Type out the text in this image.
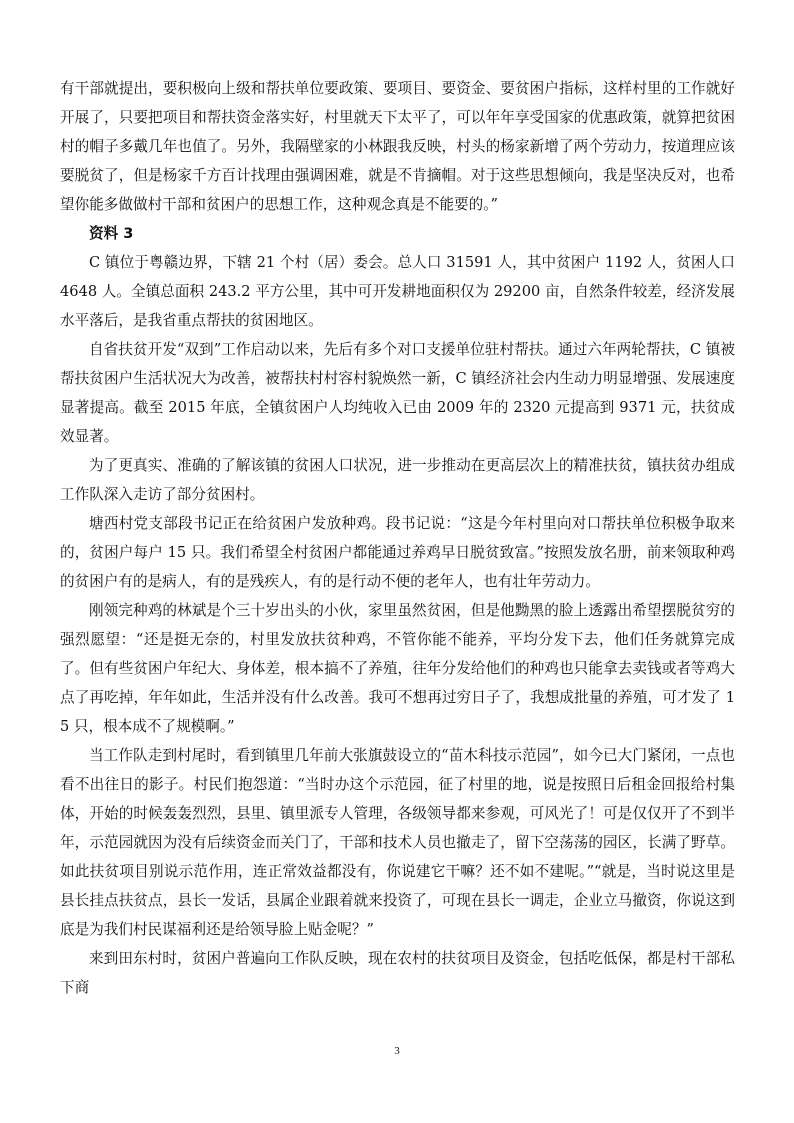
有干部就提出，要积极向上级和帮扶单位要政策、要项目、要资金、要贫困户指标，这样村里的工作就好开展了，只要把项目和帮扶资金落实好，村里就天下太平了，可以年年享受国家的优惠政策，就算把贫困村的帽子多戴几年也值了。另外，我隔壁家的小林跟我反映，村头的杨家新增了两个劳动力，按道理应该要脱贫了，但是杨家千方百计找理由强调困难，就是不肯摘帽。对于这些思想倾向，我是坚决反对，也希望你能多做做村干部和贫困户的思想工作，这种观念真是不能要的。”

资料 3

C 镇位于粤赣边界，下辖 21 个村（居）委会。总人口 31591 人，其中贫困户 1192 人，贫困人口 4648 人。全镇总面积 243.2 平方公里，其中可开发耕地面积仅为 29200 亩，自然条件较差，经济发展水平落后，是我省重点帮扶的贫困地区。

自省扶贫开发“双到”工作启动以来，先后有多个对口支援单位驻村帮扶。通过六年两轮帮扶，C 镇被帮扶贫困户生活状况大为改善，被帮扶村村容村貌焕然一新，C 镇经济社会内生动力明显增强、发展速度显著提高。截至 2015 年底，全镇贫困户人均纯收入已由 2009 年的 2320 元提高到 9371 元，扶贫成效显著。

为了更真实、准确的了解该镇的贫困人口状况，进一步推动在更高层次上的精准扶贫，镇扶贫办组成工作队深入走访了部分贫困村。

塘西村党支部段书记正在给贫困户发放种鸡。段书记说：“这是今年村里向对口帮扶单位积极争取来的，贫困户每户 15 只。我们希望全村贫困户都能通过养鸡早日脱贫致富。”按照发放名册，前来领取种鸡的贫困户有的是病人，有的是残疾人，有的是行动不便的老年人，也有壮年劳动力。

刚领完种鸡的林斌是个三十岁出头的小伙，家里虽然贫困，但是他黝黑的脸上透露出希望摆脱贫穷的强烈愿望：“还是挺无奈的，村里发放扶贫种鸡，不管你能不能养，平均分发下去，他们任务就算完成了。但有些贫困户年纪大、身体差，根本搞不了养殖，往年分发给他们的种鸡也只能拿去卖钱或者等鸡大点了再吃掉，年年如此，生活并没有什么改善。我可不想再过穷日子了，我想成批量的养殖，可才发了 15 只，根本成不了规模啊。”

当工作队走到村尾时，看到镇里几年前大张旗鼓设立的“苗木科技示范园”，如今已大门紧闭，一点也看不出往日的影子。村民们抱怨道：“当时办这个示范园，征了村里的地，说是按照日后租金回报给村集体，开始的时候轰轰烈烈，县里、镇里派专人管理，各级领导都来参观，可风光了！可是仅仅开了不到半年，示范园就因为没有后续资金而关门了，干部和技术人员也撤走了，留下空荡荡的园区，长满了野草。如此扶贫项目别说示范作用，连正常效益都没有，你说建它干嘛？还不如不建呢。”“就是，当时说这里是县长挂点扶贫点，县长一发话，县属企业跟着就来投资了，可现在县长一调走，企业立马撤资，你说这到底是为我们村民谋福利还是给领导脸上贴金呢？”

来到田东村时，贫困户普遍向工作队反映，现在农村的扶贫项目及资金，包括吃低保，都是村干部私下商

3
